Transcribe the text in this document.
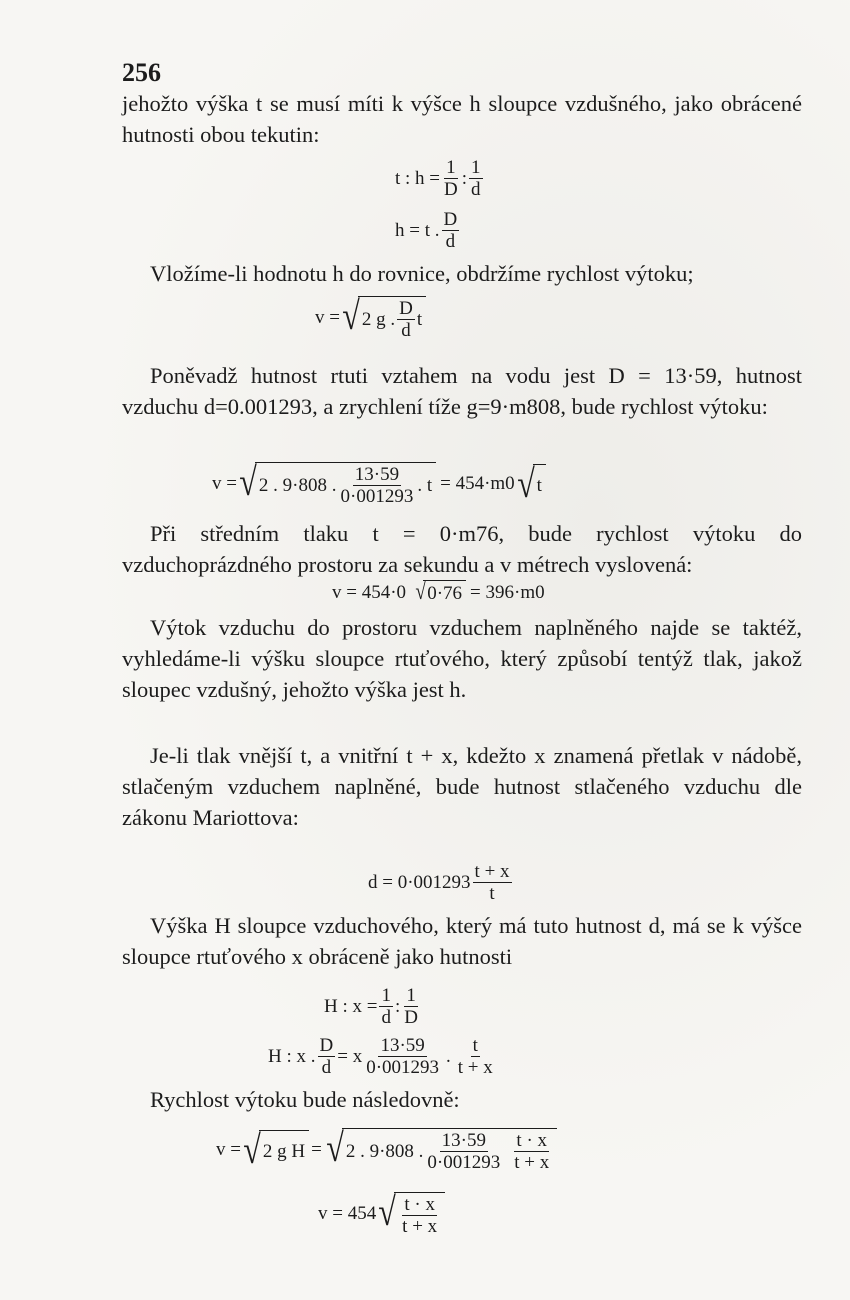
256
jehožto výška t se musí míti k výšce h sloupce vzdušného, jako obrácené hutnosti obou tekutin:
t : $h = \frac{1}{D}$ : $\frac{1}{d}$
h = t . $\frac{D}{d}$
Vložíme-li hodnotu h do rovnice, obdržíme rychlost výtoku;
v = √ 2 g . $\frac{D}{d}$ t
Poněvadž hutnost rtuti vztahem na vodu jest D = 13·59, hutnost vzduchu d=0.001293, a zrychlení tíže g=9·m808, bude rychlost výtoku:
v = √ 2 . 9·808 . $\frac{13\cdot 59}{0\cdot 001293}$ . t = 454·m0 √ t
Při středním tlaku t = 0·m76, bude rychlost výtoku do vzduchoprázdného prostoru za sekundu a v métrech vyslovená:
v = 454·0 √ 0·76 = 396·m0
Výtok vzduchu do prostoru vzduchem naplněného najde se taktéž, vyhledáme-li výšku sloupce rtuťového, který způsobí tentýž tlak, jakož sloupec vzdušný, jehožto výška jest h.
Je-li tlak vnější t, a vnitřní t + x, kdežto x znamená přetlak v nádobě, stlačeným vzduchem naplněné, bude hutnost stlačeného vzduchu dle zákonu Mariottova:
$d = 0\cdot 001293 \frac{t + x}{t}$
Výška H sloupce vzduchového, který má tuto hutnost d, má se k výšce sloupce rtuťového x obráceně jako hutnosti
H : $x = \frac{1}{d}$ : $\frac{1}{D}$
H : x . $\frac{D}{d} = x \frac{13\cdot 59}{0\cdot 001293}$ . $\frac{t}{t + x}$
Rychlost výtoku bude následovně:
v = √ 2 g H = √ 2 . 9·808 . $\frac{13\cdot 59}{0\cdot 001293} \frac{t \cdot x}{t + x}$
v = 454 √ $\frac{t \cdot x}{t + x}$
